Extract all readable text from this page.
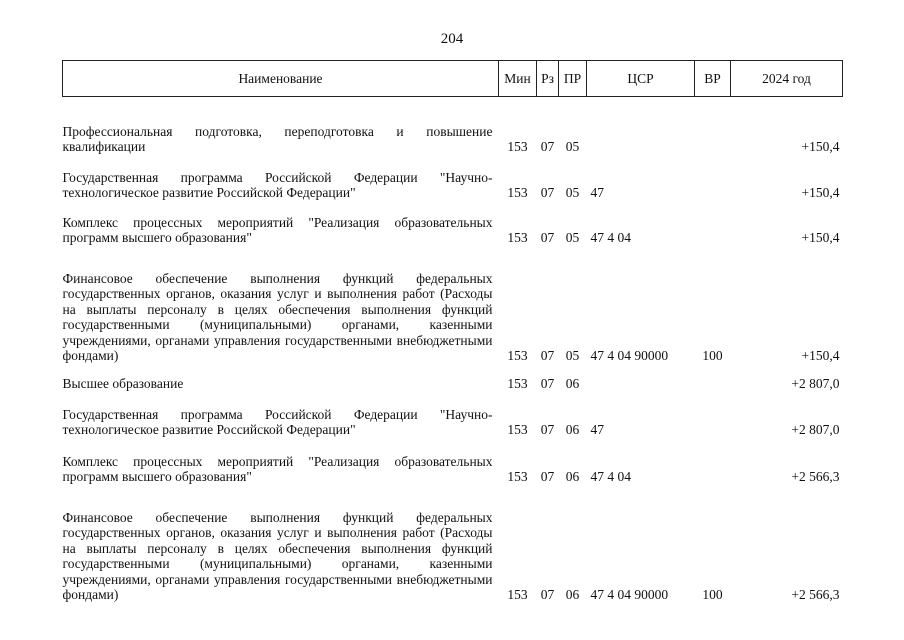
204
Наименование	Мин	Рз	ПР	ЦСР	ВР	2024 год
Профессиональная подготовка, переподготовка и повышение квалификации	153	07	05			+150,4
Государственная программа Российской Федерации "Научно-технологическое развитие Российской Федерации"	153	07	05	47		+150,4
Комплекс процессных мероприятий "Реализация образовательных программ высшего образования"	153	07	05	47 4 04		+150,4
Финансовое обеспечение выполнения функций федеральных государственных органов, оказания услуг и выполнения работ (Расходы на выплаты персоналу в целях обеспечения выполнения функций государственными (муниципальными) органами, казенными учреждениями, органами управления государственными внебюджетными фондами)	153	07	05	47 4 04 90000	100	+150,4
Высшее образование	153	07	06			+2 807,0
Государственная программа Российской Федерации "Научно-технологическое развитие Российской Федерации"	153	07	06	47		+2 807,0
Комплекс процессных мероприятий "Реализация образовательных программ высшего образования"	153	07	06	47 4 04		+2 566,3
Финансовое обеспечение выполнения функций федеральных государственных органов, оказания услуг и выполнения работ (Расходы на выплаты персоналу в целях обеспечения выполнения функций государственными (муниципальными) органами, казенными учреждениями, органами управления государственными внебюджетными фондами)	153	07	06	47 4 04 90000	100	+2 566,3
